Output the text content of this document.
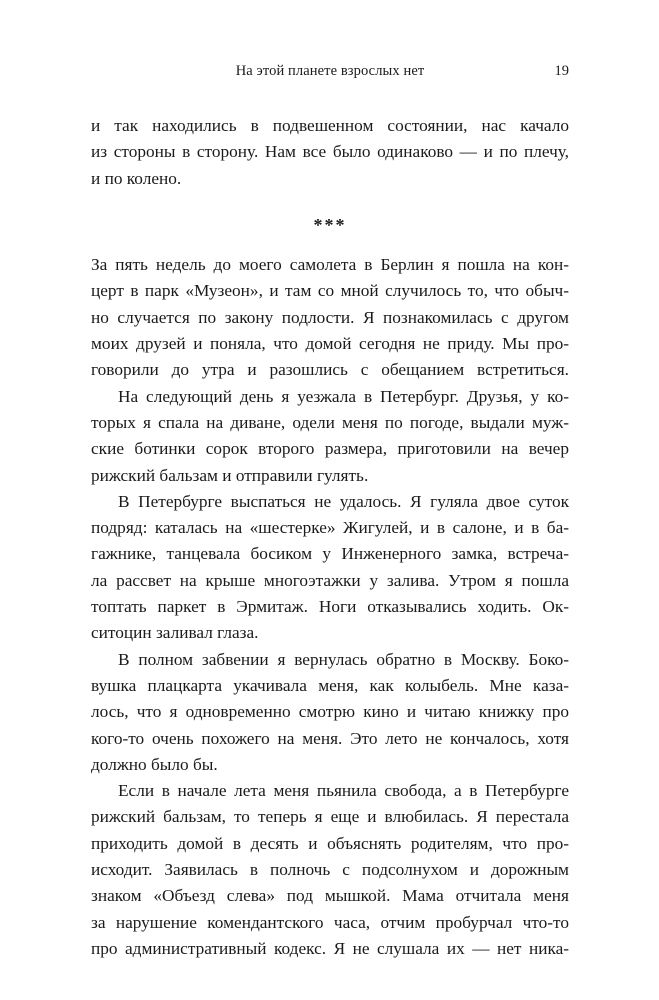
На этой планете взрослых нет	19
и так находились в подвешенном состоянии, нас качало
из стороны в сторону. Нам все было одинаково — и по плечу,
и по колено.
***
За пять недель до моего самолета в Берлин я пошла на кон-
церт в парк «Музеон», и там со мной случилось то, что обыч-
но случается по закону подлости. Я познакомилась с другом
моих друзей и поняла, что домой сегодня не приду. Мы про-
говорили до утра и разошлись с обещанием встретиться.
На следующий день я уезжала в Петербург. Друзья, у ко-
торых я спала на диване, одели меня по погоде, выдали муж-
ские ботинки сорок второго размера, приготовили на вечер
рижский бальзам и отправили гулять.
В Петербурге выспаться не удалось. Я гуляла двое суток
подряд: каталась на «шестерке» Жигулей, и в салоне, и в ба-
гажнике, танцевала босиком у Инженерного замка, встреча-
ла рассвет на крыше многоэтажки у залива. Утром я пошла
топтать паркет в Эрмитаж. Ноги отказывались ходить. Ок-
ситоцин заливал глаза.
В полном забвении я вернулась обратно в Москву. Боко-
вушка плацкарта укачивала меня, как колыбель. Мне каза-
лось, что я одновременно смотрю кино и читаю книжку про
кого-то очень похожего на меня. Это лето не кончалось, хотя
должно было бы.
Если в начале лета меня пьянила свобода, а в Петербурге
рижский бальзам, то теперь я еще и влюбилась. Я перестала
приходить домой в десять и объяснять родителям, что про-
исходит. Заявилась в полночь с подсолнухом и дорожным
знаком «Объезд слева» под мышкой. Мама отчитала меня
за нарушение комендантского часа, отчим пробурчал что-то
про административный кодекс. Я не слушала их — нет ника-
